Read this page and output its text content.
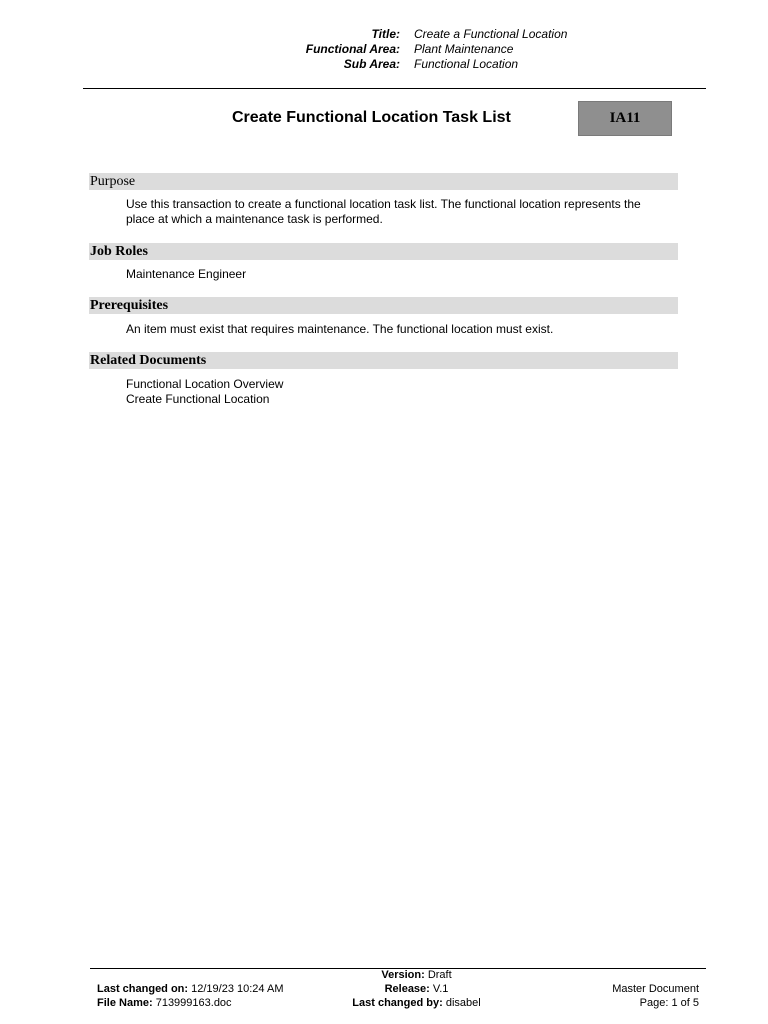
Title: Create a Functional Location
Functional Area: Plant Maintenance
Sub Area: Functional Location
Create Functional Location Task List	IA11
Purpose
Use this transaction to create a functional location task list. The functional location represents the
place at which a maintenance task is performed.
Job Roles
Maintenance Engineer
Prerequisites
An item must exist that requires maintenance. The functional location must exist.
Related Documents
Functional Location Overview
Create Functional Location
Last changed on: 12/19/23 10:24 AM
File Name: 713999163.doc
Version: Draft
Release: V.1
Last changed by: disabel
Master Document
Page: 1 of 5
